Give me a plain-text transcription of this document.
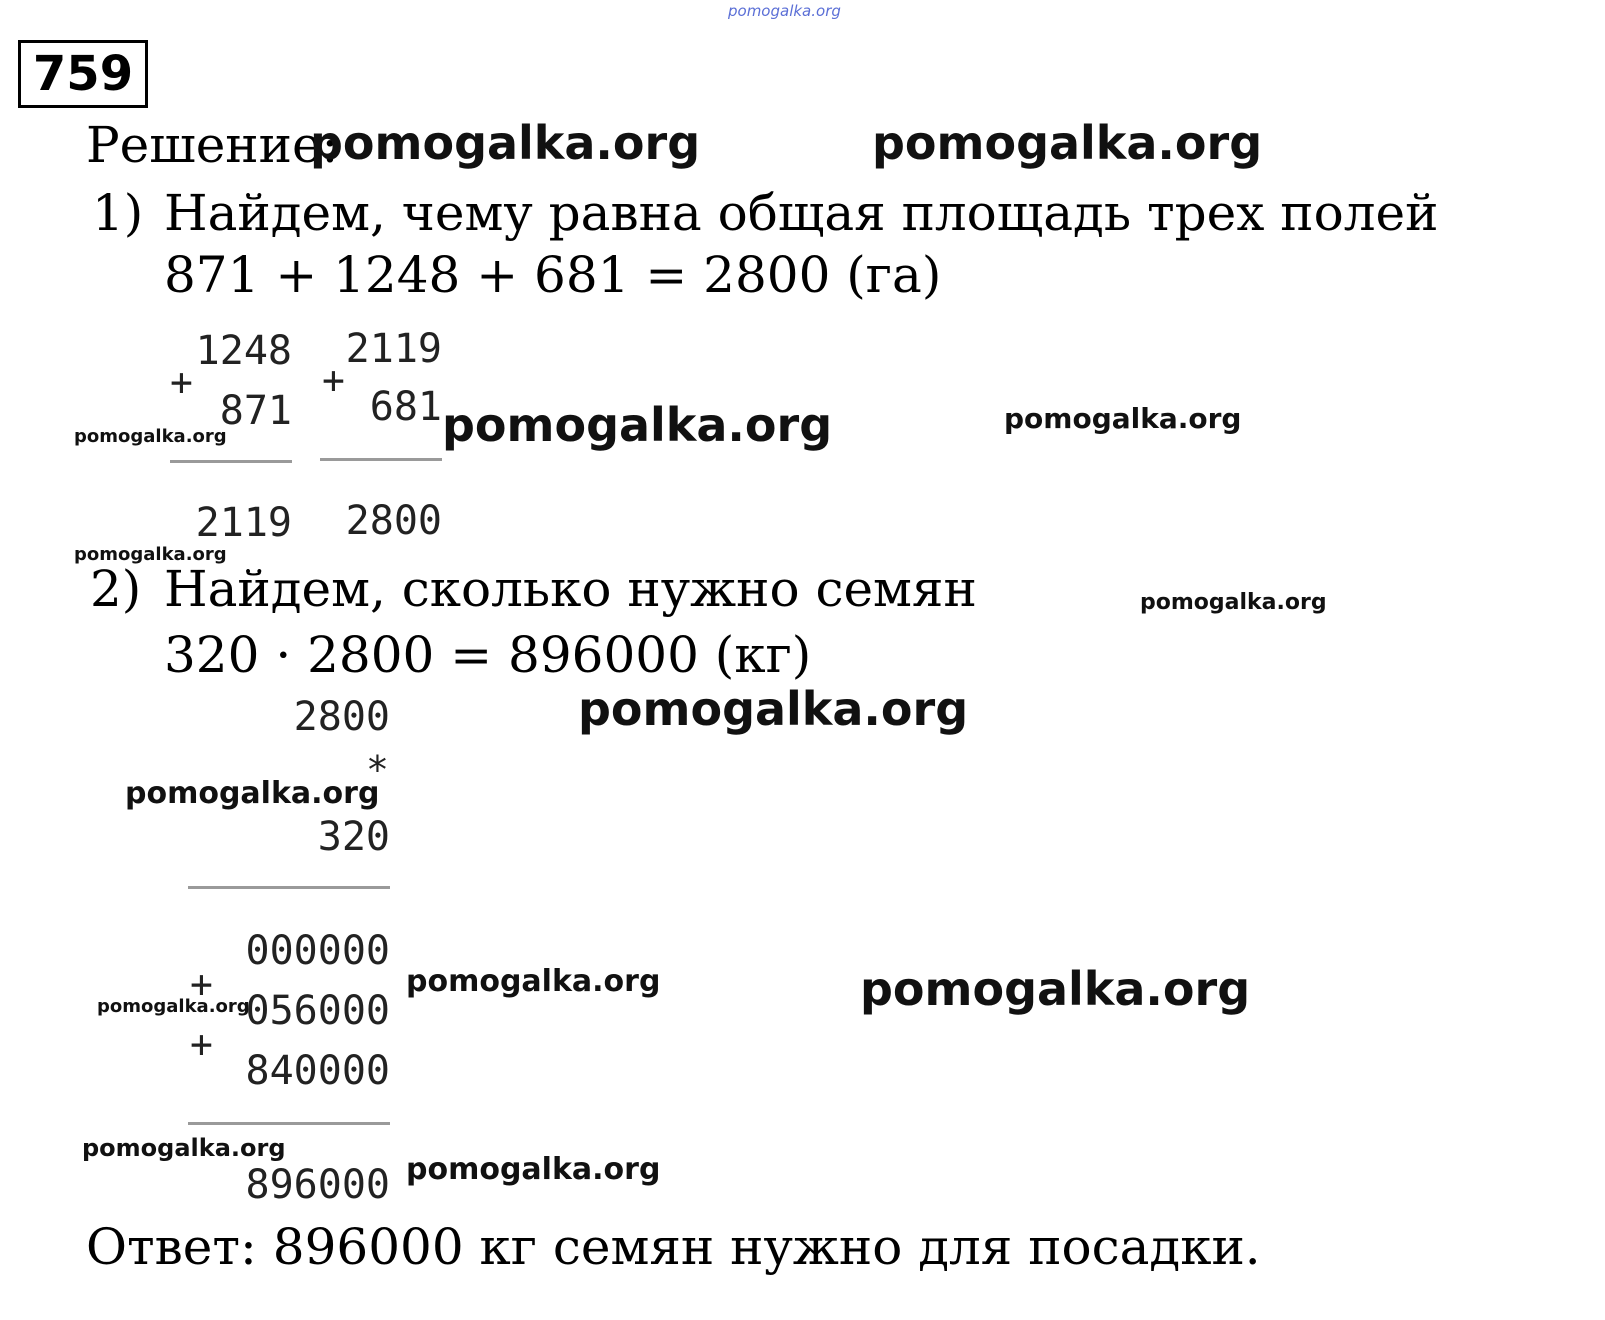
pomogalka.org
759
Решение:
pomogalka.org	pomogalka.org
1) Найдем, чему равна общая площадь трех полей
871 + 1248 + 681 = 2800 (га)
1248
+
871
2119
2119
+
681
2800
pomogalka.org	pomogalka.org	pomogalka.org
pomogalka.org
2) Найдем, сколько нужно семян	pomogalka.org
320 · 2800 = 896000 (кг)
2800	pomogalka.org
*
pomogalka.org
320
000000
+
056000
+
840000
896000
pomogalka.org	pomogalka.org
pomogalka.org
pomogalka.org
pomogalka.org
Ответ: 896000 кг семян нужно для посадки.
